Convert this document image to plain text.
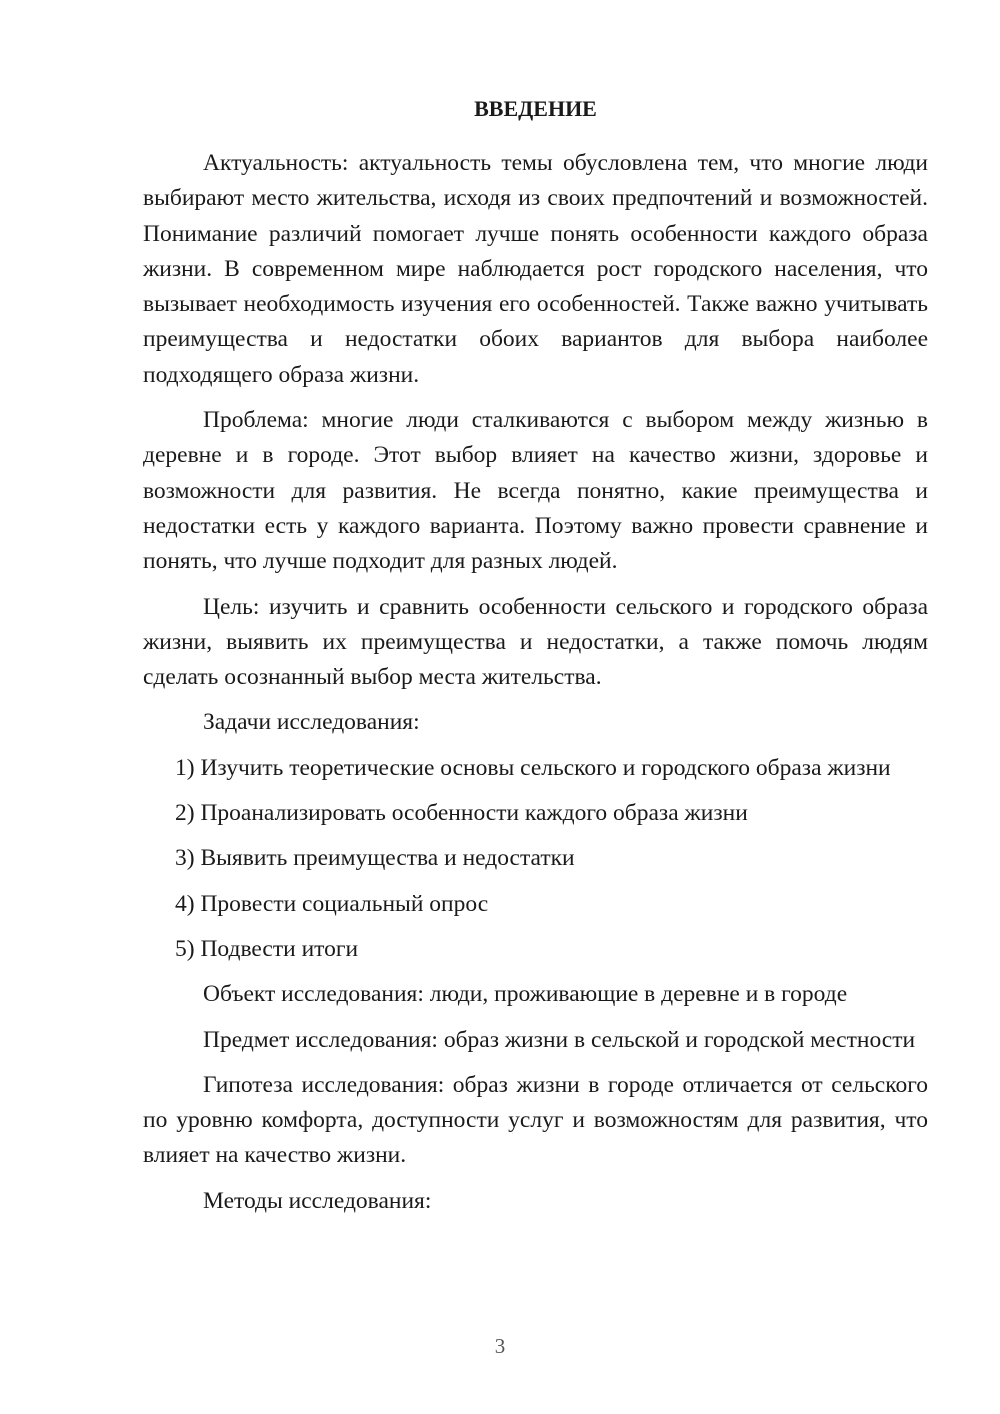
ВВЕДЕНИЕ

Актуальность: актуальность темы обусловлена тем, что многие люди выбирают место жительства, исходя из своих предпочтений и возможностей. Понимание различий помогает лучше понять особенности каждого образа жизни. В современном мире наблюдается рост городского населения, что вызывает необходимость изучения его особенностей. Также важно учитывать преимущества и недостатки обоих вариантов для выбора наиболее подходящего образа жизни.

Проблема: многие люди сталкиваются с выбором между жизнью в деревне и в городе. Этот выбор влияет на качество жизни, здоровье и возможности для развития. Не всегда понятно, какие преимущества и недостатки есть у каждого варианта. Поэтому важно провести сравнение и понять, что лучше подходит для разных людей.

Цель: изучить и сравнить особенности сельского и городского образа жизни, выявить их преимущества и недостатки, а также помочь людям сделать осознанный выбор места жительства.

Задачи исследования:

1) Изучить теоретические основы сельского и городского образа жизни

2) Проанализировать особенности каждого образа жизни

3) Выявить преимущества и недостатки

4) Провести социальный опрос

5) Подвести итоги

Объект исследования: люди, проживающие в деревне и в городе

Предмет исследования: образ жизни в сельской и городской местности

Гипотеза исследования: образ жизни в городе отличается от сельского по уровню комфорта, доступности услуг и возможностям для развития, что влияет на качество жизни.

Методы исследования:

3
